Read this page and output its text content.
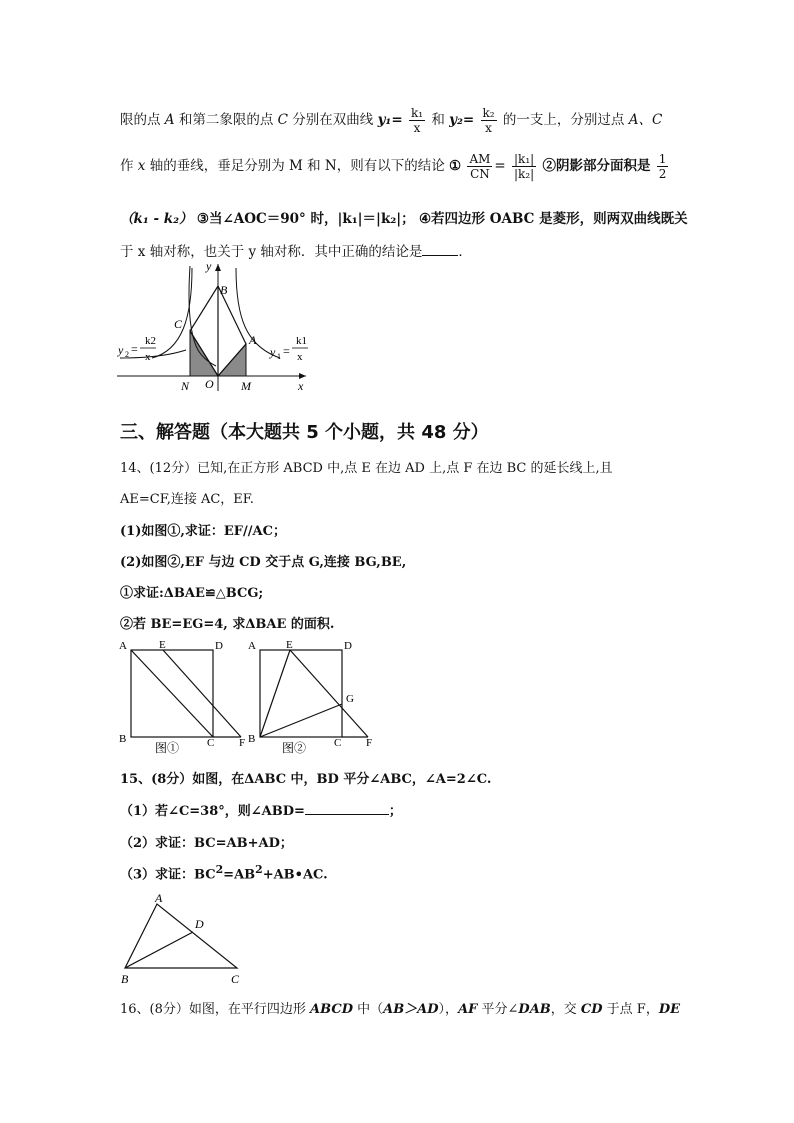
限的点 A 和第二象限的点 C 分别在双曲线 $y_1= \frac{\text{k₁}}{x}$ 和 $y_2= \frac{\text{k₂}}{x}$ 的一支上，分别过点 A、C
作 x 轴的垂线，垂足分别为 M 和 N，则有以下的结论 ① $\frac{AM}{CN} = \frac{\text{|k₁|}}{\text{|k₂|}}$ ②阴影部分面积是 $\frac{1}{2}$
（k₁ - k₂） ③当∠AOC＝90° 时，|k₁|＝|k₂|； ④若四边形 OABC 是菱形，则两双曲线既关
于 x 轴对称，也关于 y 轴对称．其中正确的结论是	．
y
B
C
A
N O M	x
y 2 =
k2
x	y 1 =
k1
x
三、解答题（本大题共 5 个小题，共 48 分）
14、(12分）已知,在正方形 ABCD 中,点 E 在边 AD 上,点 F 在边 BC 的延长线上,且
AE=CF,连接 AC，EF.
(1)如图①,求证：EF//AC；
(2)如图②,EF 与边 CD 交于点 G,连接 BG,BE,
①求证:ΔBAE≌△BCG;
②若 BE=EG=4, 求ΔBAE 的面积.
A	E	D
B	C F
图①
A	E	D
G
B	C F
图②
15、(8分）如图，在ΔABC 中，BD 平分∠ABC，∠A=2∠C.
（1）若∠C=38°，则∠ABD=	；
（2）求证：BC=AB+AD；
（3）求证：$BC^2=AB^2+AB•AC$.
A
D
B	C
16、(8分）如图，在平行四边形 ABCD 中（AB＞AD），AF 平分∠DAB，交 CD 于点 F，DE
